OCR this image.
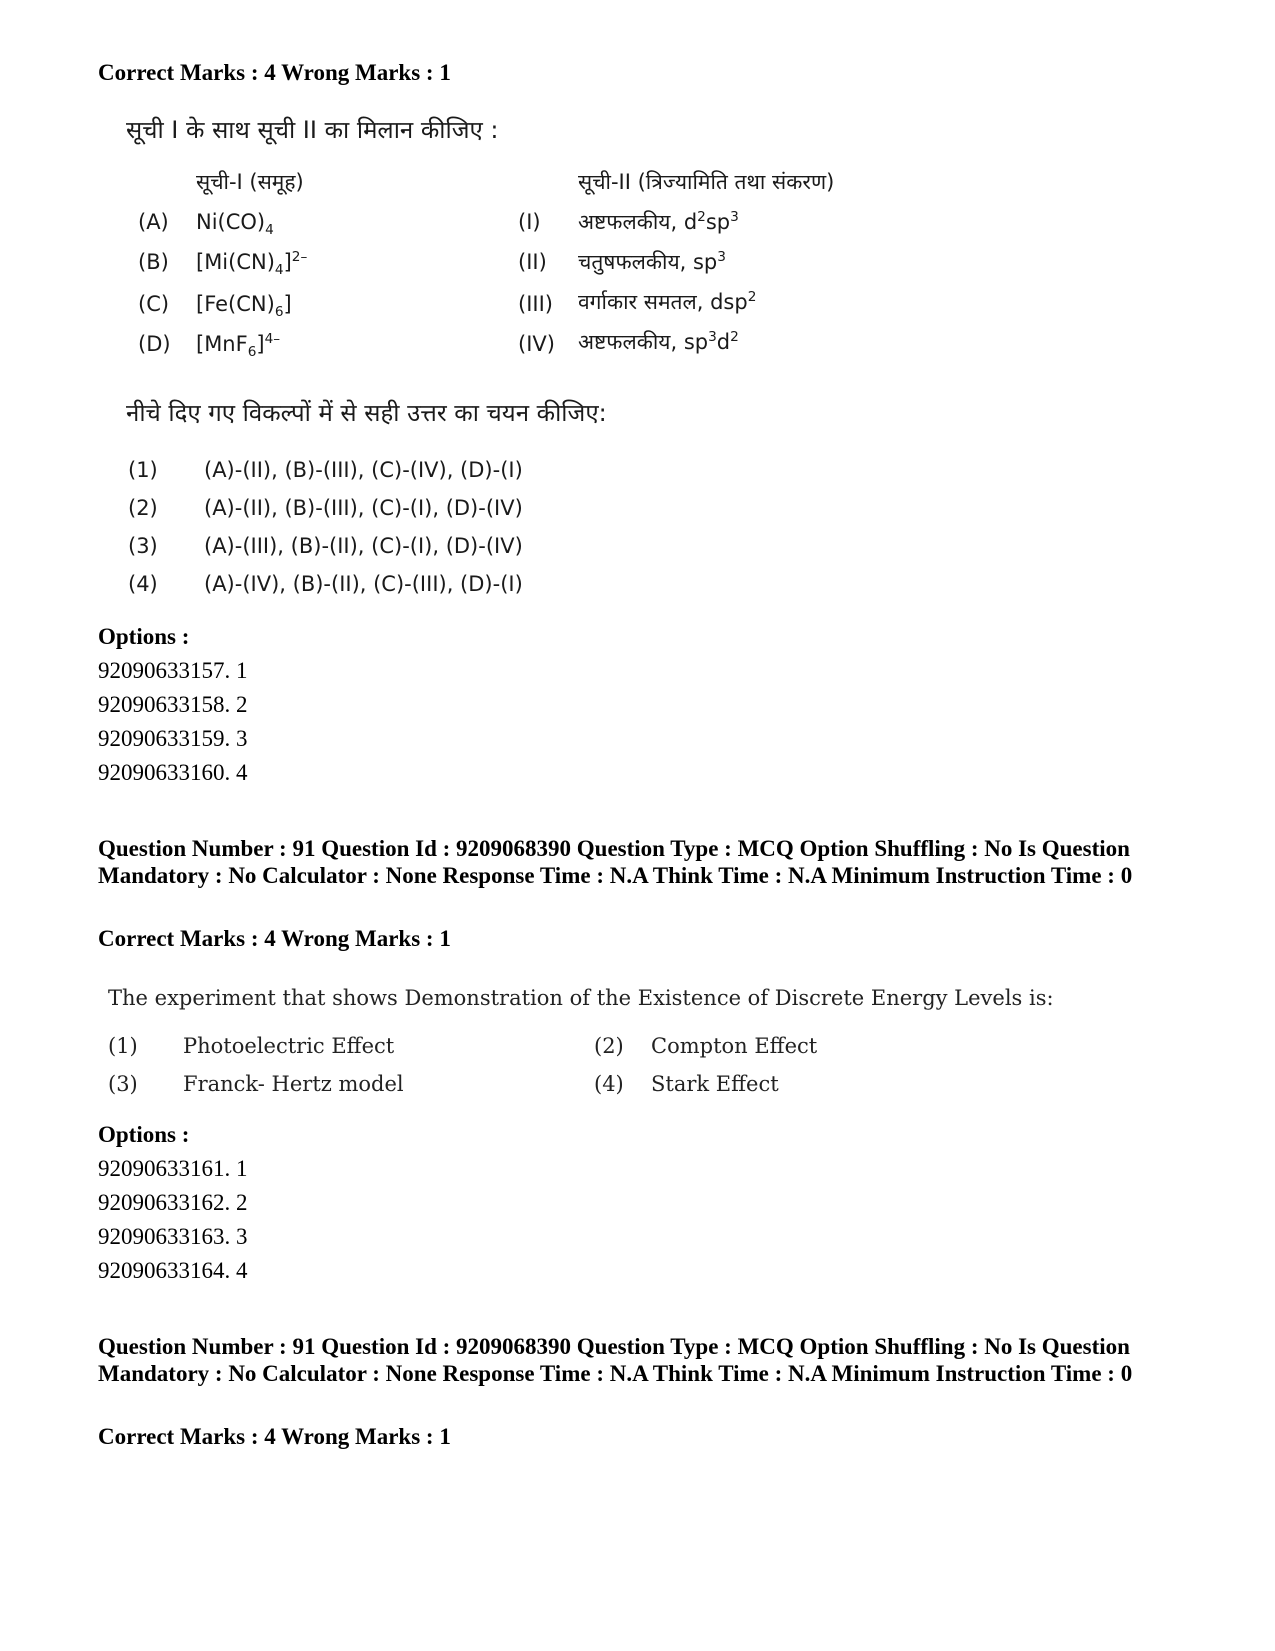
Correct Marks : 4 Wrong Marks : 1
सूची I के साथ सूची II का मिलान कीजिए :
सूची-I (समूह)	सूची-II (त्रिज्यामिति तथा संकरण)
(A) $Ni(CO)_4$	(I) अष्टफलकीय, $d^2sp^3$
(B) $[Mi(CN)_4]^{2-}$	(II) चतुषफलकीय, $sp^3$
(C) $[Fe(CN)_6]$	(III) वर्गाकार समतल, dsp$^2$
(D) $[MnF_6]^{4-}$	(IV) अष्टफलकीय, $sp^3d^2$
नीचे दिए गए विकल्पों में से सही उत्तर का चयन कीजिए:
(1) (A)-(II), (B)-(III), (C)-(IV), (D)-(I)
(2) (A)-(II), (B)-(III), (C)-(I), (D)-(IV)
(3) (A)-(III), (B)-(II), (C)-(I), (D)-(IV)
(4) (A)-(IV), (B)-(II), (C)-(III), (D)-(I)
Options :
92090633157. 1
92090633158. 2
92090633159. 3
92090633160. 4
Question Number : 91 Question Id : 9209068390 Question Type : MCQ Option Shuffling : No Is Question Mandatory : No Calculator : None Response Time : N.A Think Time : N.A Minimum Instruction Time : 0
Correct Marks : 4 Wrong Marks : 1
The experiment that shows Demonstration of the Existence of Discrete Energy Levels is:
(1) Photoelectric Effect	(2) Compton Effect
(3) Franck- Hertz model	(4) Stark Effect
Options :
92090633161. 1
92090633162. 2
92090633163. 3
92090633164. 4
Question Number : 91 Question Id : 9209068390 Question Type : MCQ Option Shuffling : No Is Question Mandatory : No Calculator : None Response Time : N.A Think Time : N.A Minimum Instruction Time : 0
Correct Marks : 4 Wrong Marks : 1
